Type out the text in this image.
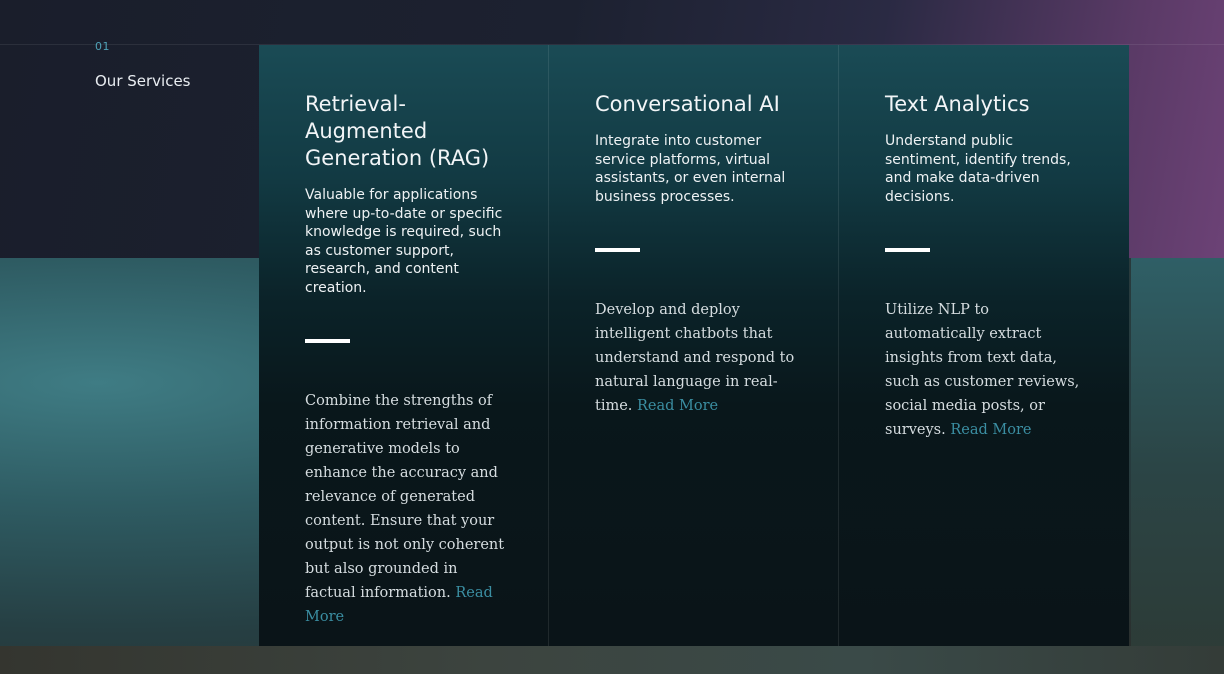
01
Our Services
Retrieval-Augmented Generation (RAG)

Valuable for applications where up-to-date or specific knowledge is required, such as customer support, research, and content creation.

Combine the strengths of information retrieval and generative models to enhance the accuracy and relevance of generated content. Ensure that your output is not only coherent but also grounded in factual information. Read More
Conversational AI

Integrate into customer service platforms, virtual assistants, or even internal business processes.

Develop and deploy intelligent chatbots that understand and respond to natural language in real-time. Read More
Text Analytics

Understand public sentiment, identify trends, and make data-driven decisions.

Utilize NLP to automatically extract insights from text data, such as customer reviews, social media posts, or surveys. Read More
